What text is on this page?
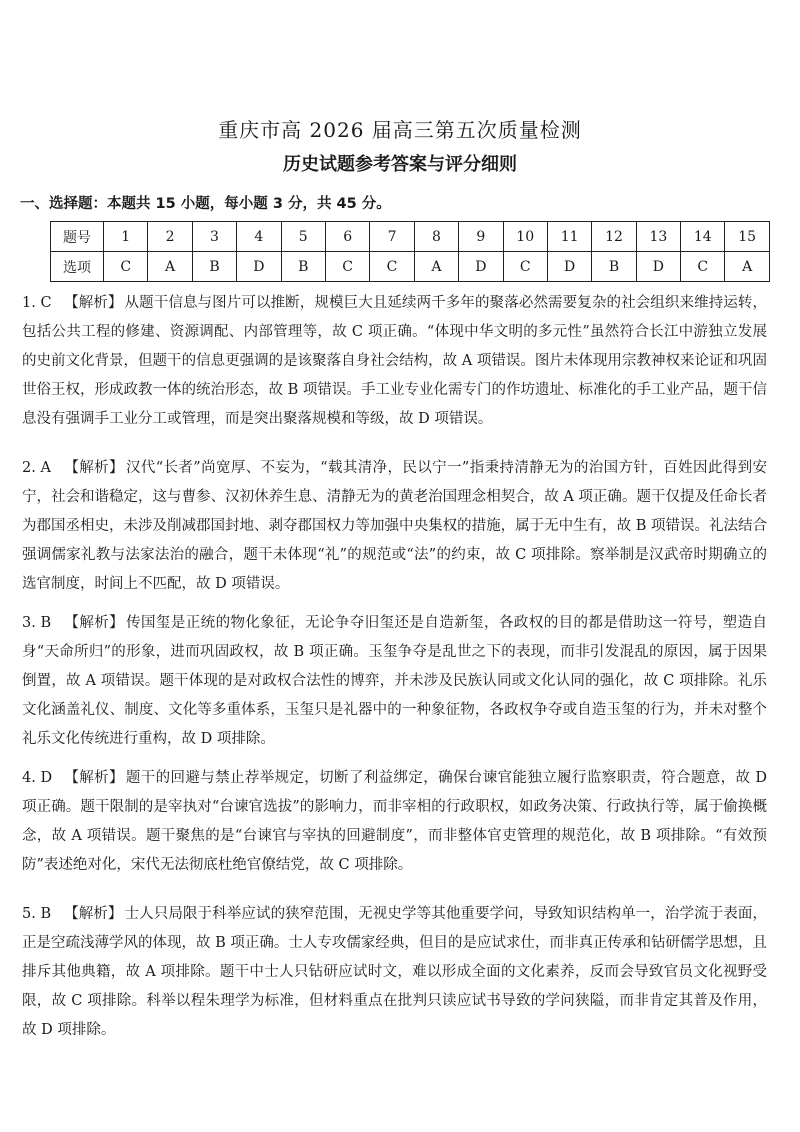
重庆市高 2026 届高三第五次质量检测
历史试题参考答案与评分细则
一、选择题：本题共 15 小题，每小题 3 分，共 45 分。
题号	1	2	3	4	5	6	7	8	9	10	11	12	13	14	15
选项	C	A	B	D	B	C	C	A	D	C	D	B	D	C	A
1. C 【解析】 从题干信息与图片可以推断，规模巨大且延续两千多年的聚落必然需要复杂的社会组织来维持运转，包括公共工程的修建、资源调配、内部管理等，故 C 项正确。“体现中华文明的多元性”虽然符合长江中游独立发展的史前文化背景，但题干的信息更强调的是该聚落自身社会结构，故 A 项错误。图片未体现用宗教神权来论证和巩固世俗王权，形成政教一体的统治形态，故 B 项错误。手工业专业化需专门的作坊遗址、标准化的手工业产品，题干信息没有强调手工业分工或管理，而是突出聚落规模和等级，故 D 项错误。
2. A 【解析】 汉代“长者”尚宽厚、不妄为，“载其清净，民以宁一”指秉持清静无为的治国方针，百姓因此得到安宁，社会和谐稳定，这与曹参、汉初休养生息、清静无为的黄老治国理念相契合，故 A 项正确。题干仅提及任命长者为郡国丞相史，未涉及削减郡国封地、剥夺郡国权力等加强中央集权的措施，属于无中生有，故 B 项错误。礼法结合强调儒家礼教与法家法治的融合，题干未体现“礼”的规范或“法”的约束，故 C 项排除。察举制是汉武帝时期确立的选官制度，时间上不匹配，故 D 项错误。
3. B 【解析】 传国玺是正统的物化象征，无论争夺旧玺还是自造新玺，各政权的目的都是借助这一符号，塑造自身“天命所归”的形象，进而巩固政权，故 B 项正确。玉玺争夺是乱世之下的表现，而非引发混乱的原因，属于因果倒置，故 A 项错误。题干体现的是对政权合法性的博弈，并未涉及民族认同或文化认同的强化，故 C 项排除。礼乐文化涵盖礼仪、制度、文化等多重体系，玉玺只是礼器中的一种象征物，各政权争夺或自造玉玺的行为，并未对整个礼乐文化传统进行重构，故 D 项排除。
4. D 【解析】 题干的回避与禁止荐举规定，切断了利益绑定，确保台谏官能独立履行监察职责，符合题意，故 D 项正确。题干限制的是宰执对“台谏官选拔”的影响力，而非宰相的行政职权，如政务决策、行政执行等，属于偷换概念，故 A 项错误。题干聚焦的是“台谏官与宰执的回避制度”，而非整体官吏管理的规范化，故 B 项排除。“有效预防”表述绝对化，宋代无法彻底杜绝官僚结党，故 C 项排除。
5. B 【解析】 士人只局限于科举应试的狭窄范围，无视史学等其他重要学问，导致知识结构单一，治学流于表面，正是空疏浅薄学风的体现，故 B 项正确。士人专攻儒家经典，但目的是应试求仕，而非真正传承和钻研儒学思想，且排斥其他典籍，故 A 项排除。题干中士人只钻研应试时文，难以形成全面的文化素养，反而会导致官员文化视野受限，故 C 项排除。科举以程朱理学为标准，但材料重点在批判只读应试书导致的学问狭隘，而非肯定其普及作用，故 D 项排除。
